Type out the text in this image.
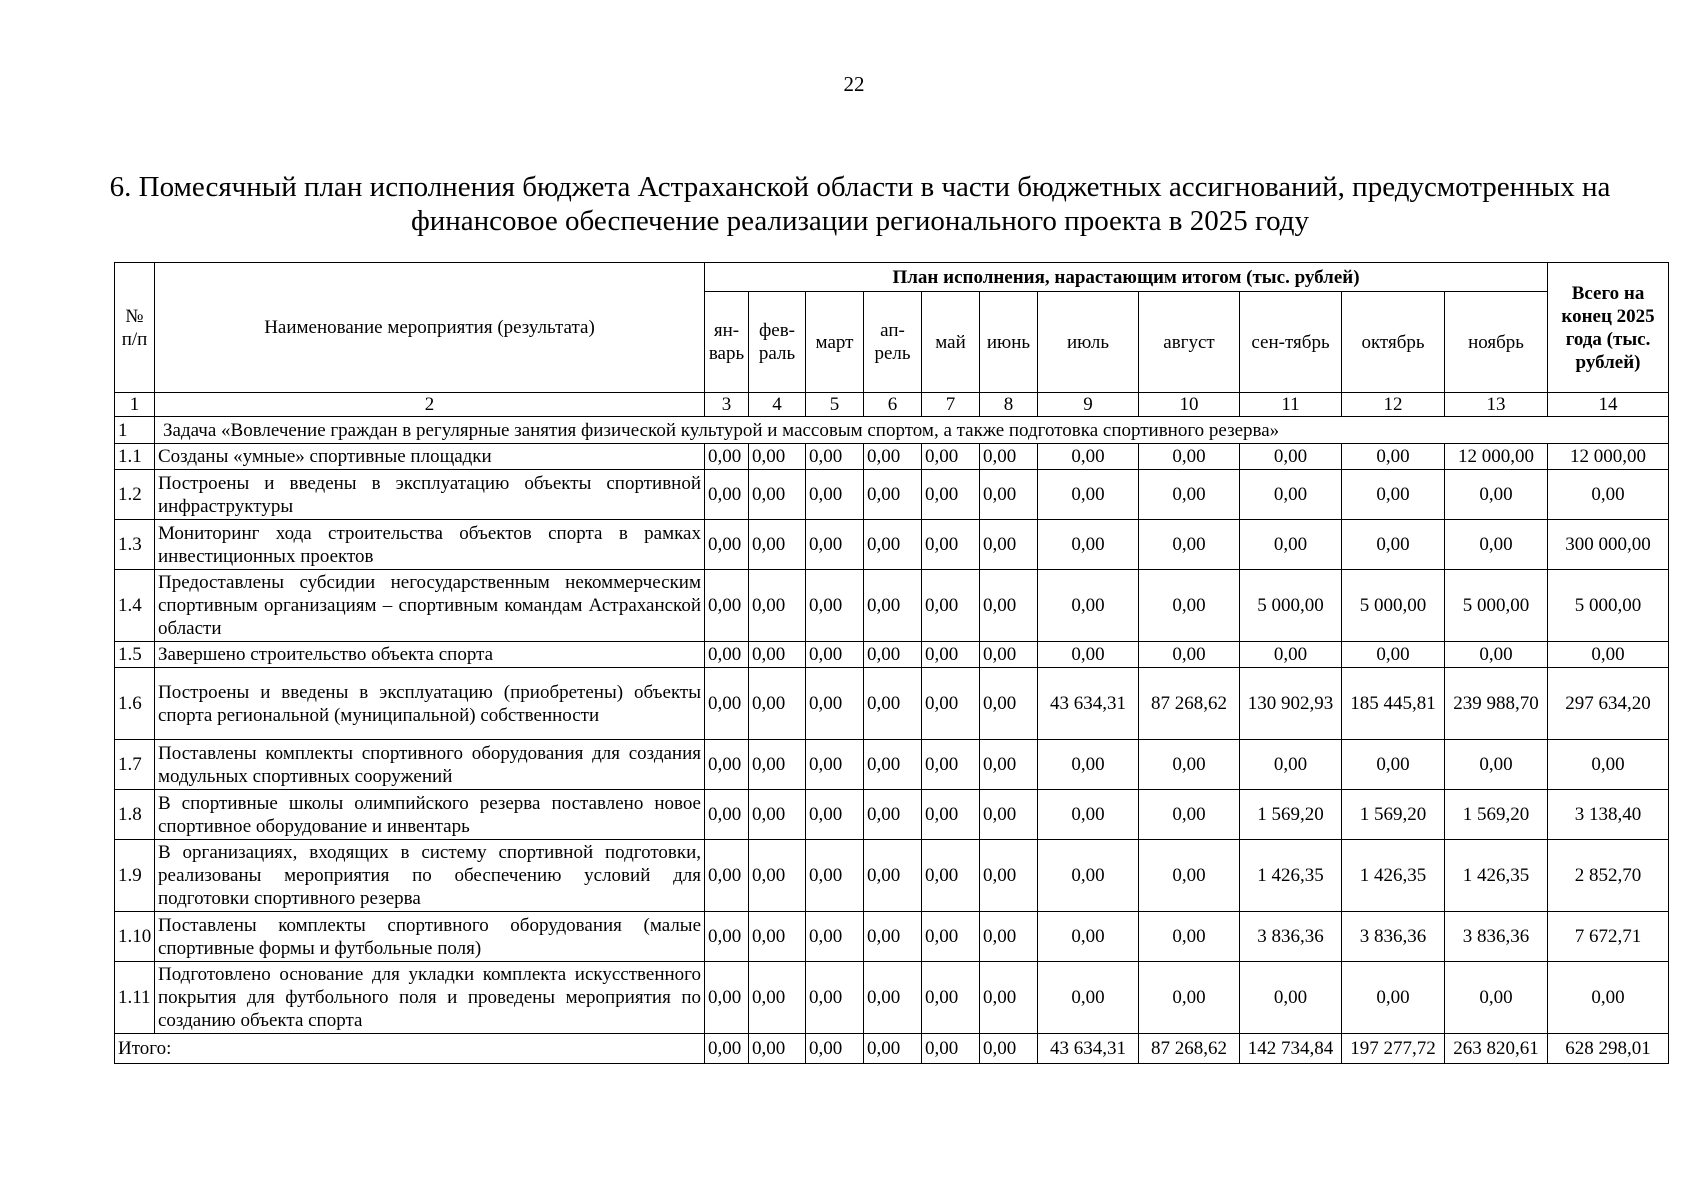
22
6. Помесячный план исполнения бюджета Астраханской области в части бюджетных ассигнований, предусмотренных на финансовое обеспечение реализации регионального проекта в 2025 году
№ п/п	Наименование мероприятия (результата)	План исполнения, нарастающим итогом (тыс. рублей)											Всего на конец 2025 года (тыс. рублей)
		ян-варь	фев-раль	март	ап-рель	май	июнь	июль	август	сен-тябрь	октябрь	ноябрь	
1	2	3	4	5	6	7	8	9	10	11	12	13	14
1	Задача «Вовлечение граждан в регулярные занятия физической культурой и массовым спортом, а также подготовка спортивного резерва»												
1.1	Созданы «умные» спортивные площадки	0,00	0,00	0,00	0,00	0,00	0,00	0,00	0,00	0,00	0,00	12 000,00	12 000,00
1.2	Построены и введены в эксплуатацию объекты спортивной инфраструктуры	0,00	0,00	0,00	0,00	0,00	0,00	0,00	0,00	0,00	0,00	0,00	0,00
1.3	Мониторинг хода строительства объектов спорта в рамках инвестиционных проектов	0,00	0,00	0,00	0,00	0,00	0,00	0,00	0,00	0,00	0,00	0,00	300 000,00
1.4	Предоставлены субсидии негосударственным некоммерческим спортивным организациям – спортивным командам Астраханской области	0,00	0,00	0,00	0,00	0,00	0,00	0,00	0,00	5 000,00	5 000,00	5 000,00	5 000,00
1.5	Завершено строительство объекта спорта	0,00	0,00	0,00	0,00	0,00	0,00	0,00	0,00	0,00	0,00	0,00	0,00
1.6	Построены и введены в эксплуатацию (приобретены) объекты спорта региональной (муниципальной) собственности	0,00	0,00	0,00	0,00	0,00	0,00	43 634,31	87 268,62	130 902,93	185 445,81	239 988,70	297 634,20
1.7	Поставлены комплекты спортивного оборудования для создания модульных спортивных сооружений	0,00	0,00	0,00	0,00	0,00	0,00	0,00	0,00	0,00	0,00	0,00	0,00
1.8	В спортивные школы олимпийского резерва поставлено новое спортивное оборудование и инвентарь	0,00	0,00	0,00	0,00	0,00	0,00	0,00	0,00	1 569,20	1 569,20	1 569,20	3 138,40
1.9	В организациях, входящих в систему спортивной подготовки, реализованы мероприятия по обеспечению условий для подготовки спортивного резерва	0,00	0,00	0,00	0,00	0,00	0,00	0,00	0,00	1 426,35	1 426,35	1 426,35	2 852,70
1.10	Поставлены комплекты спортивного оборудования (малые спортивные формы и футбольные поля)	0,00	0,00	0,00	0,00	0,00	0,00	0,00	0,00	3 836,36	3 836,36	3 836,36	7 672,71
1.11	Подготовлено основание для укладки комплекта искусственного покрытия для футбольного поля и проведены мероприятия по созданию объекта спорта	0,00	0,00	0,00	0,00	0,00	0,00	0,00	0,00	0,00	0,00	0,00	0,00
Итого:		0,00	0,00	0,00	0,00	0,00	0,00	43 634,31	87 268,62	142 734,84	197 277,72	263 820,61	628 298,01
